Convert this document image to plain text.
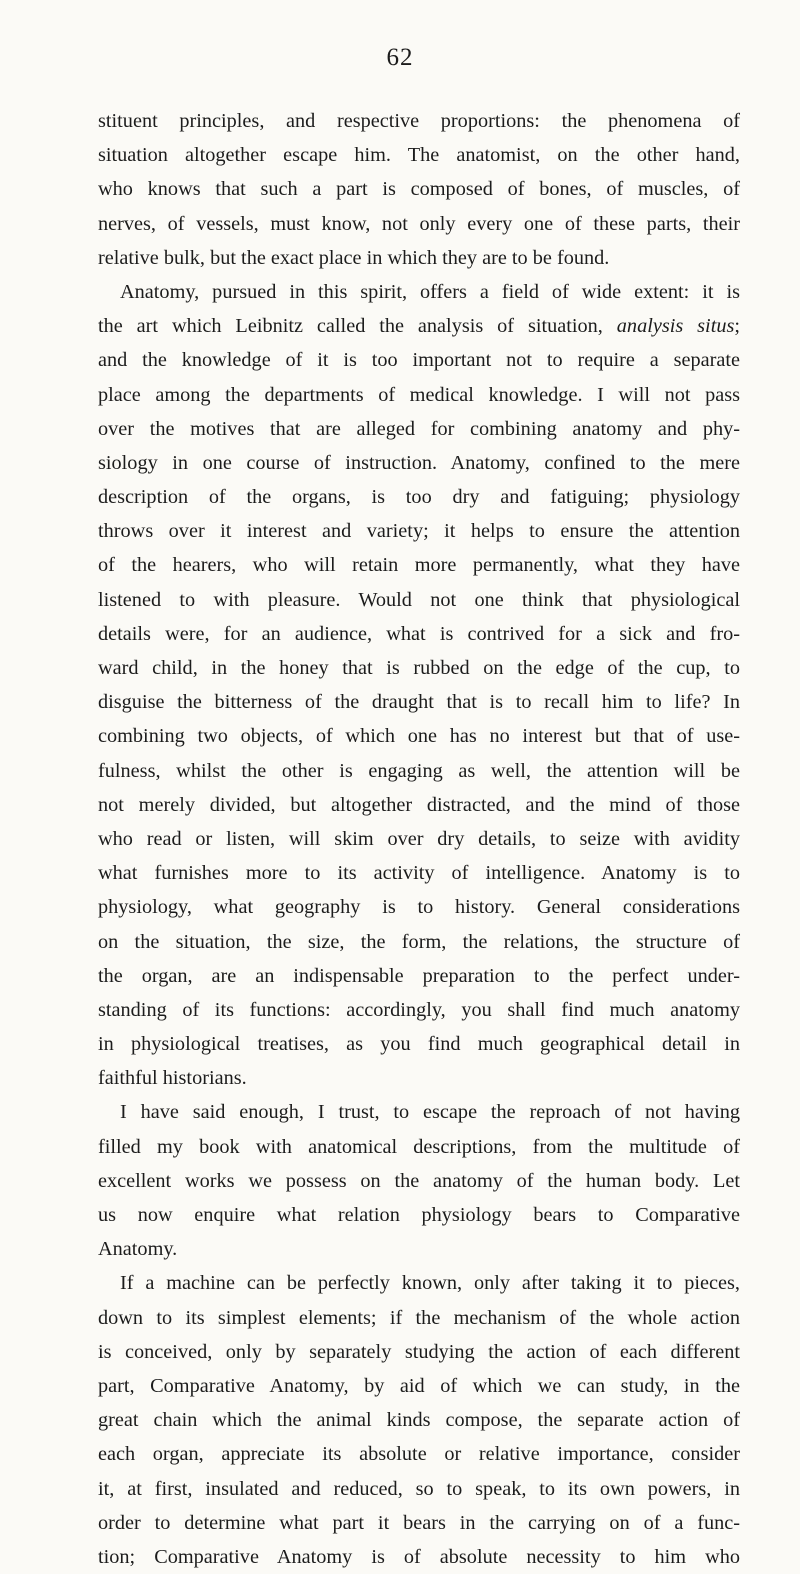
62
stituent principles, and respective proportions: the phenomena of
situation altogether escape him. The anatomist, on the other hand,
who knows that such a part is composed of bones, of muscles, of
nerves, of vessels, must know, not only every one of these parts, their
relative bulk, but the exact place in which they are to be found.
Anatomy, pursued in this spirit, offers a field of wide extent: it is
the art which Leibnitz called the analysis of situation, analysis situs;
and the knowledge of it is too important not to require a separate
place among the departments of medical knowledge. I will not pass
over the motives that are alleged for combining anatomy and phy-
siology in one course of instruction. Anatomy, confined to the mere
description of the organs, is too dry and fatiguing; physiology
throws over it interest and variety; it helps to ensure the attention
of the hearers, who will retain more permanently, what they have
listened to with pleasure. Would not one think that physiological
details were, for an audience, what is contrived for a sick and fro-
ward child, in the honey that is rubbed on the edge of the cup, to
disguise the bitterness of the draught that is to recall him to life? In
combining two objects, of which one has no interest but that of use-
fulness, whilst the other is engaging as well, the attention will be
not merely divided, but altogether distracted, and the mind of those
who read or listen, will skim over dry details, to seize with avidity
what furnishes more to its activity of intelligence. Anatomy is to
physiology, what geography is to history. General considerations
on the situation, the size, the form, the relations, the structure of
the organ, are an indispensable preparation to the perfect under-
standing of its functions: accordingly, you shall find much anatomy
in physiological treatises, as you find much geographical detail in
faithful historians.
I have said enough, I trust, to escape the reproach of not having
filled my book with anatomical descriptions, from the multitude of
excellent works we possess on the anatomy of the human body. Let
us now enquire what relation physiology bears to Comparative
Anatomy.
If a machine can be perfectly known, only after taking it to pieces,
down to its simplest elements; if the mechanism of the whole action
is conceived, only by separately studying the action of each different
part, Comparative Anatomy, by aid of which we can study, in the
great chain which the animal kinds compose, the separate action of
each organ, appreciate its absolute or relative importance, consider
it, at first, insulated and reduced, so to speak, to its own powers, in
order to determine what part it bears in the carrying on of a func-
tion; Comparative Anatomy is of absolute necessity to him who
